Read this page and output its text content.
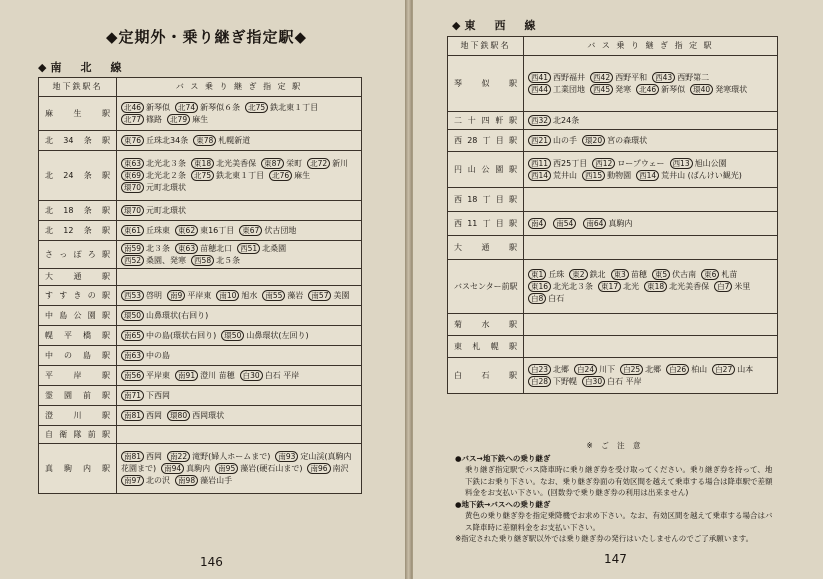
◆定期外・乗り継ぎ指定駅◆
◆南　北　線
地下鉄駅名	バ ス 乗 り 継 ぎ 指 定 駅
麻生駅	北46 新琴似 北74 新琴似６条 北75 鉄北東１丁目北77 篠路 北79 麻生
北34条駅	東76 丘珠北34条 東78 札幌新道
北24条駅	東63 北光北３条 東18 北光美香保 東87 栄町 北72 新川東69 北光北２条 北75 鉄北東１丁目 北76 麻生環70 元町北環状
北18条駅	環70 元町北環状
北12条駅	東61 丘珠東 東62 東16丁目 東67 伏古団地
さっぽろ駅	南59 北３条 東63 苗穂北口 西51 北桑園西52 桑園、発寒 西58 北５条
大通駅	
すすきの駅	西53 啓明 南9 平岸東 南10 旭水 南55 藻岩 南57 美園
中島公園駅	環50 山鼻環状(右回り)
幌平橋駅	南65 中の島(環状右回り) 環50 山鼻環状(左回り)
中の島駅	南63 中の島
平岸駅	南56 平岸東 南91 澄川 苗穂 白30 白石 平岸
霊園前駅	南71 下西岡
澄川駅	南81 西岡 環80 西岡環状
自衛隊前駅	
真駒内駅	南81 西岡 南22 滝野(婦人ホームまで) 南93 定山渓(真駒内花園まで) 南94 真駒内 南95 藻岩(硬石山まで) 南96 南沢南97 北の沢 南98 藻岩山手
146
◆東　西　線
地下鉄駅名	バ ス 乗 り 継 ぎ 指 定 駅
琴似駅	西41 西野福井 西42 西野平和 西43 西野第二西44 工業団地 西45 発寒 北46 新琴似 環40 発寒環状
二十四軒駅	西32 北24条
西28丁目駅	西21 山の手 環20 宮の森環状
円山公園駅	西11 西25丁目 西12 ロープウェー 西13 旭山公園西14 荒井山 西15 動物園 西14 荒井山 (ばんけい観光)
西18丁目駅	
西11丁目駅	南4 南54 南64 真駒内
大通駅	
バスセンター前駅	東1 丘珠 東2 鉄北 東3 苗穂 東5 伏古南 東6 札苗東16 北光北３条 東17 北光 東18 北光美香保 白7 米里白8 白石
菊水駅	
東札幌駅	
白石駅	白23 北郷 白24 川下 白25 北郷 白26 柏山 白27 山本白28 下野幌 白30 白石 平岸
※ ご 注 意
●バス→地下鉄への乗り継ぎ
乗り継ぎ指定駅でバス降車時に乗り継ぎ券を受け取ってください。乗り継ぎ券を持って、地下鉄にお乗り下さい。なお、乗り継ぎ券面の有効区間を越えて乗車する場合は降車駅で差額料金をお支払い下さい。(回数券で乗り継ぎ券の利用は出来ません)
●地下鉄→バスへの乗り継ぎ
黄色の乗り継ぎ券を指定乗降機でお求め下さい。なお、有効区間を越えて乗車する場合はバス降車時に差額料金をお支払い下さい。
※指定された乗り継ぎ駅以外では乗り継ぎ券の発行はいたしませんのでご了承願います。
147
